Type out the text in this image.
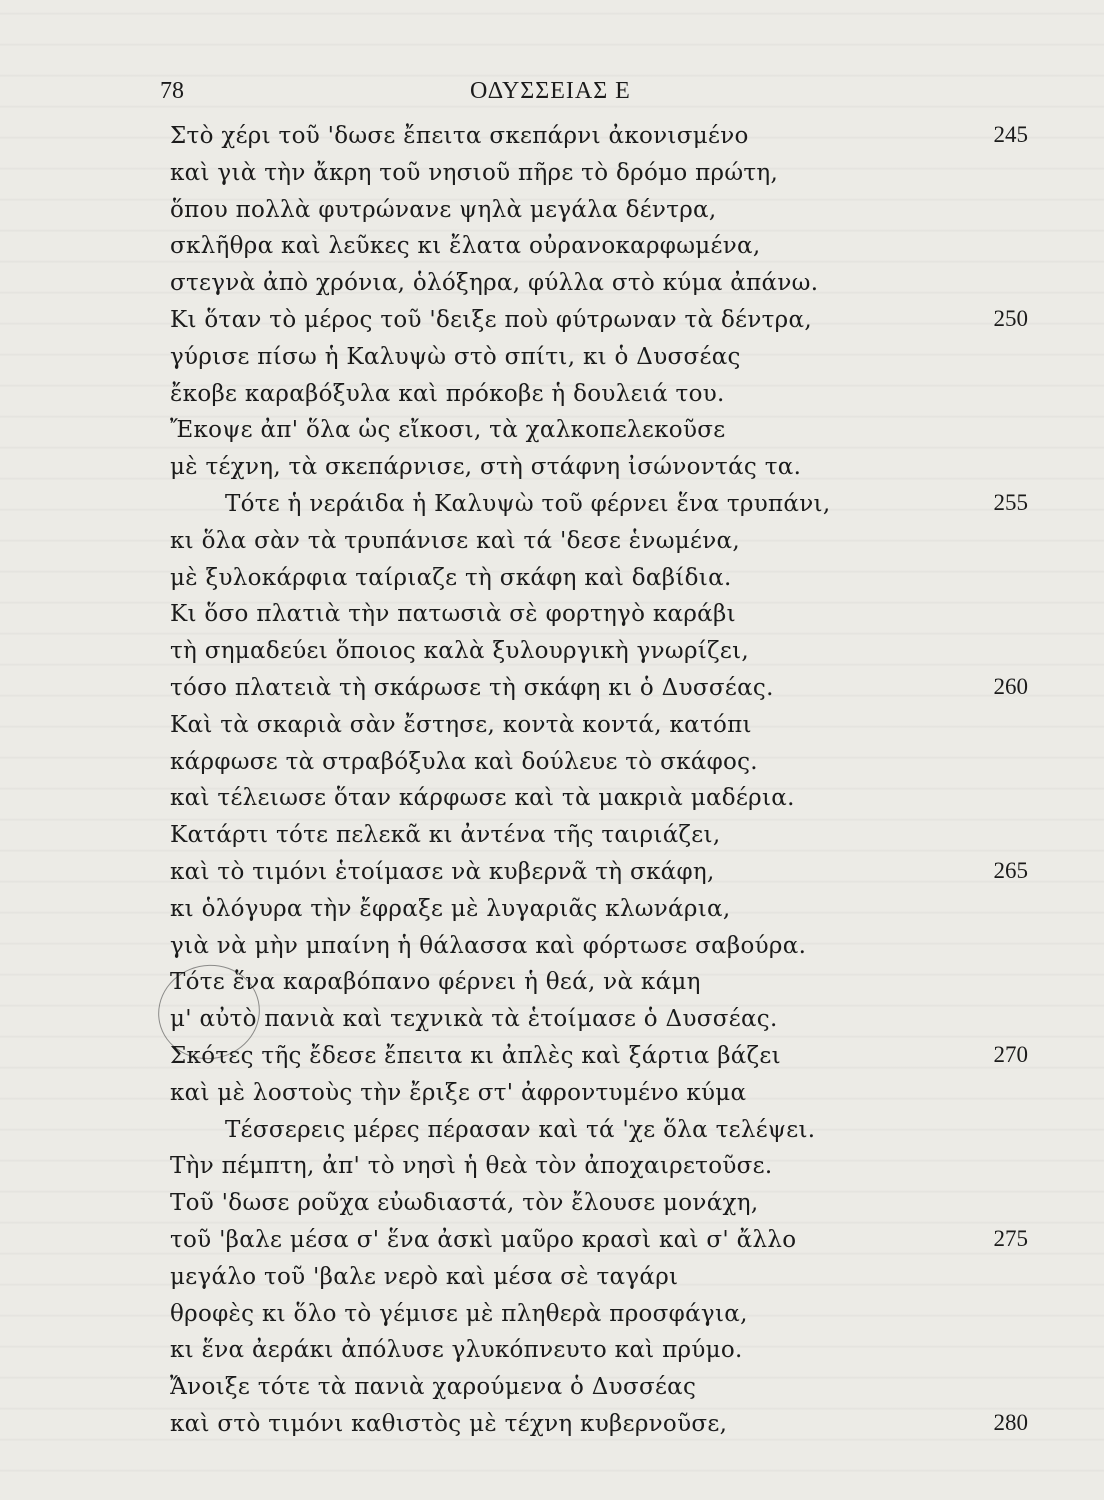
78	ΟΔΥΣΣΕΙΑΣ Ε
Στὸ χέρι τοῦ 'δωσε ἔπειτα σκεπάρνι ἀκονισμένο	245
καὶ γιὰ τὴν ἄκρη τοῦ νησιοῦ πῆρε τὸ δρόμο πρώτη,
ὅπου πολλὰ φυτρώνανε ψηλὰ μεγάλα δέντρα,
σκλῆθρα καὶ λεῦκες κι ἔλατα οὐρανοκαρφωμένα,
στεγνὰ ἀπὸ χρόνια, ὁλόξηρα, φύλλα στὸ κύμα ἀπάνω.
Κι ὅταν τὸ μέρος τοῦ 'δειξε ποὺ φύτρωναν τὰ δέντρα,	250
γύρισε πίσω ἡ Καλυψὼ στὸ σπίτι, κι ὁ Δυσσέας
ἔκοβε καραβόξυλα καὶ πρόκοβε ἡ δουλειά του.
Ἔκοψε ἀπ' ὅλα ὡς εἴκοσι, τὰ χαλκοπελεκοῦσε
μὲ τέχνη, τὰ σκεπάρνισε, στὴ στάφνη ἰσώνοντάς τα.
Τότε ἡ νεράιδα ἡ Καλυψὼ τοῦ φέρνει ἕνα τρυπάνι,	255
κι ὅλα σὰν τὰ τρυπάνισε καὶ τά 'δεσε ἑνωμένα,
μὲ ξυλοκάρφια ταίριαζε τὴ σκάφη καὶ δαβίδια.
Κι ὅσο πλατιὰ τὴν πατωσιὰ σὲ φορτηγὸ καράβι
τὴ σημαδεύει ὅποιος καλὰ ξυλουργικὴ γνωρίζει,
τόσο πλατειὰ τὴ σκάρωσε τὴ σκάφη κι ὁ Δυσσέας.	260
Καὶ τὰ σκαριὰ σὰν ἔστησε, κοντὰ κοντά, κατόπι
κάρφωσε τὰ στραβόξυλα καὶ δούλευε τὸ σκάφος.
καὶ τέλειωσε ὅταν κάρφωσε καὶ τὰ μακριὰ μαδέρια.
Κατάρτι τότε πελεκᾶ κι ἀντένα τῆς ταιριάζει,
καὶ τὸ τιμόνι ἑτοίμασε νὰ κυβερνᾶ τὴ σκάφη,	265
κι ὁλόγυρα τὴν ἔφραξε μὲ λυγαριᾶς κλωνάρια,
γιὰ νὰ μὴν μπαίνη ἡ θάλασσα καὶ φόρτωσε σαβούρα.
Τότε ἕνα καραβόπανο φέρνει ἡ θεά, νὰ κάμη
μ' αὐτὸ πανιὰ καὶ τεχνικὰ τὰ ἑτοίμασε ὁ Δυσσέας.
Σκότες τῆς ἔδεσε ἔπειτα κι ἀπλὲς καὶ ξάρτια βάζει	270
καὶ μὲ λοστοὺς τὴν ἔριξε στ' ἀφροντυμένο κύμα
Τέσσερεις μέρες πέρασαν καὶ τά 'χε ὅλα τελέψει.
Τὴν πέμπτη, ἀπ' τὸ νησὶ ἡ θεὰ τὸν ἀποχαιρετοῦσε.
Τοῦ 'δωσε ροῦχα εὐωδιαστά, τὸν ἔλουσε μονάχη,
τοῦ 'βαλε μέσα σ' ἕνα ἀσκὶ μαῦρο κρασὶ καὶ σ' ἄλλο	275
μεγάλο τοῦ 'βαλε νερὸ καὶ μέσα σὲ ταγάρι
θροφὲς κι ὅλο τὸ γέμισε μὲ πληθερὰ προσφάγια,
κι ἕνα ἀεράκι ἀπόλυσε γλυκόπνευτο καὶ πρύμο.
Ἄνοιξε τότε τὰ πανιὰ χαρούμενα ὁ Δυσσέας
καὶ στὸ τιμόνι καθιστὸς μὲ τέχνη κυβερνοῦσε,	280
